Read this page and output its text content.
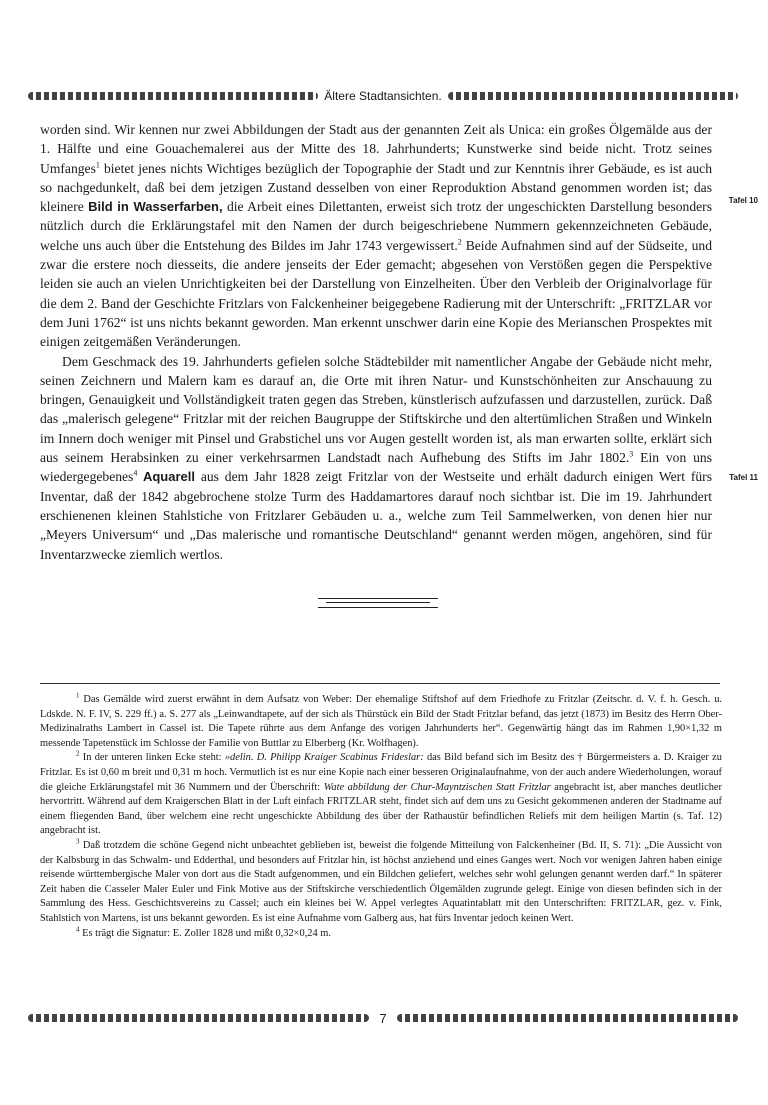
Ältere Stadtansichten.

worden sind. Wir kennen nur zwei Abbildungen der Stadt aus der genannten Zeit als Unica: ein großes Ölgemälde aus der 1. Hälfte und eine Gouachemalerei aus der Mitte des 18. Jahrhunderts; Kunstwerke sind beide nicht. Trotz seines Umfanges$^1$ bietet jenes nichts Wichtiges bezüglich der Topographie der Stadt und zur Kenntnis ihrer Gebäude, es ist auch so nachgedunkelt, daß bei dem jetzigen Zustand desselben von einer Reproduktion Abstand genommen worden ist; das kleinere Bild in Wasserfarben, die Arbeit eines Dilettanten, erweist sich trotz der ungeschickten Darstellung besonders nützlich durch die Erklärungstafel mit den Namen der durch beigeschriebene Nummern gekennzeichneten Gebäude, welche uns auch über die Entstehung des Bildes im Jahr 1743 vergewissert.$^2$ Beide Aufnahmen sind auf der Südseite, und zwar die erstere noch diesseits, die andere jenseits der Eder gemacht; abgesehen von Verstößen gegen die Perspektive leiden sie auch an vielen Unrichtigkeiten bei der Darstellung von Einzelheiten. Über den Verbleib der Originalvorlage für die dem 2. Band der Geschichte Fritzlars von Falckenheiner beigegebene Radierung mit der Unterschrift: „FRITZLAR vor dem Juni 1762“ ist uns nichts bekannt geworden. Man erkennt unschwer darin eine Kopie des Merianschen Prospektes mit einigen zeitgemäßen Veränderungen.

Dem Geschmack des 19. Jahrhunderts gefielen solche Städtebilder mit namentlicher Angabe der Gebäude nicht mehr, seinen Zeichnern und Malern kam es darauf an, die Orte mit ihren Natur- und Kunstschönheiten zur Anschauung zu bringen, Genauigkeit und Vollständigkeit traten gegen das Streben, künstlerisch aufzufassen und darzustellen, zurück. Daß das „malerisch gelegene“ Fritzlar mit der reichen Baugruppe der Stiftskirche und den altertümlichen Straßen und Winkeln im Innern doch weniger mit Pinsel und Grabstichel uns vor Augen gestellt worden ist, als man erwarten sollte, erklärt sich aus seinem Herabsinken zu einer verkehrsarmen Landstadt nach Aufhebung des Stifts im Jahr 1802.$^3$ Ein von uns wiedergegebenes$^4$ Aquarell aus dem Jahr 1828 zeigt Fritzlar von der Westseite und erhält dadurch einigen Wert fürs Inventar, daß der 1842 abgebrochene stolze Turm des Haddamartores darauf noch sichtbar ist. Die im 19. Jahrhundert erschienenen kleinen Stahlstiche von Fritzlarer Gebäuden u. a., welche zum Teil Sammelwerken, von denen hier nur „Meyers Universum“ und „Das malerische und romantische Deutschland“ genannt werden mögen, angehören, sind für Inventarzwecke ziemlich wertlos.

Tafel 10
Tafel 11

$^1$ Das Gemälde wird zuerst erwähnt in dem Aufsatz von Weber: Der ehemalige Stiftshof auf dem Friedhofe zu Fritzlar (Zeitschr. d. V. f. h. Gesch. u. Ldskde. N. F. IV, S. 229 ff.) a. S. 277 als „Leinwandtapete, auf der sich als Thürstück ein Bild der Stadt Fritzlar befand, das jetzt (1873) im Besitz des Herrn Ober-Medizinalraths Lambert in Cassel ist. Die Tapete rührte aus dem Anfange des vorigen Jahrhunderts her“. Gegenwärtig hängt das im Rahmen 1,90×1,32 m messende Tapetenstück im Schlosse der Familie von Buttlar zu Elberberg (Kr. Wolfhagen).

$^2$ In der unteren linken Ecke steht: »delin. D. Philipp Kraiger Scabinus Frideslar: das Bild befand sich im Besitz des † Bürgermeisters a. D. Kraiger zu Fritzlar. Es ist 0,60 m breit und 0,31 m hoch. Vermutlich ist es nur eine Kopie nach einer besseren Originalaufnahme, von der auch andere Wiederholungen, worauf die gleiche Erklärungstafel mit 36 Nummern und der Überschrift: Wate abbildung der Chur-Mayntzischen Statt Fritzlar angebracht ist, aber manches deutlicher hervortritt. Während auf dem Kraigerschen Blatt in der Luft einfach FRITZLAR steht, findet sich auf dem uns zu Gesicht gekommenen anderen der Stadtname auf einem fliegenden Band, über welchem eine recht ungeschickte Abbildung des über der Rathaustür befindlichen Reliefs mit dem heiligen Martin (s. Taf. 12) angebracht ist.

$^3$ Daß trotzdem die schöne Gegend nicht unbeachtet geblieben ist, beweist die folgende Mitteilung von Falckenheiner (Bd. II, S. 71): „Die Aussicht von der Kalbsburg in das Schwalm- und Edderthal, und besonders auf Fritzlar hin, ist höchst anziehend und eines Ganges wert. Noch vor wenigen Jahren haben einige reisende württembergische Maler von dort aus die Stadt aufgenommen, und ein Bildchen geliefert, welches sehr wohl gelungen genannt werden darf.“ In späterer Zeit haben die Casseler Maler Euler und Fink Motive aus der Stiftskirche verschiedentlich Ölgemälden zugrunde gelegt. Einige von diesen befinden sich in der Sammlung des Hess. Geschichtsvereins zu Cassel; auch ein kleines bei W. Appel verlegtes Aquatintablatt mit den Unterschriften: FRITZLAR, gez. v. Fink, Stahlstich von Martens, ist uns bekannt geworden. Es ist eine Aufnahme vom Galberg aus, hat fürs Inventar jedoch keinen Wert.

$^4$ Es trägt die Signatur: E. Zoller 1828 und mißt 0,32×0,24 m.

7
